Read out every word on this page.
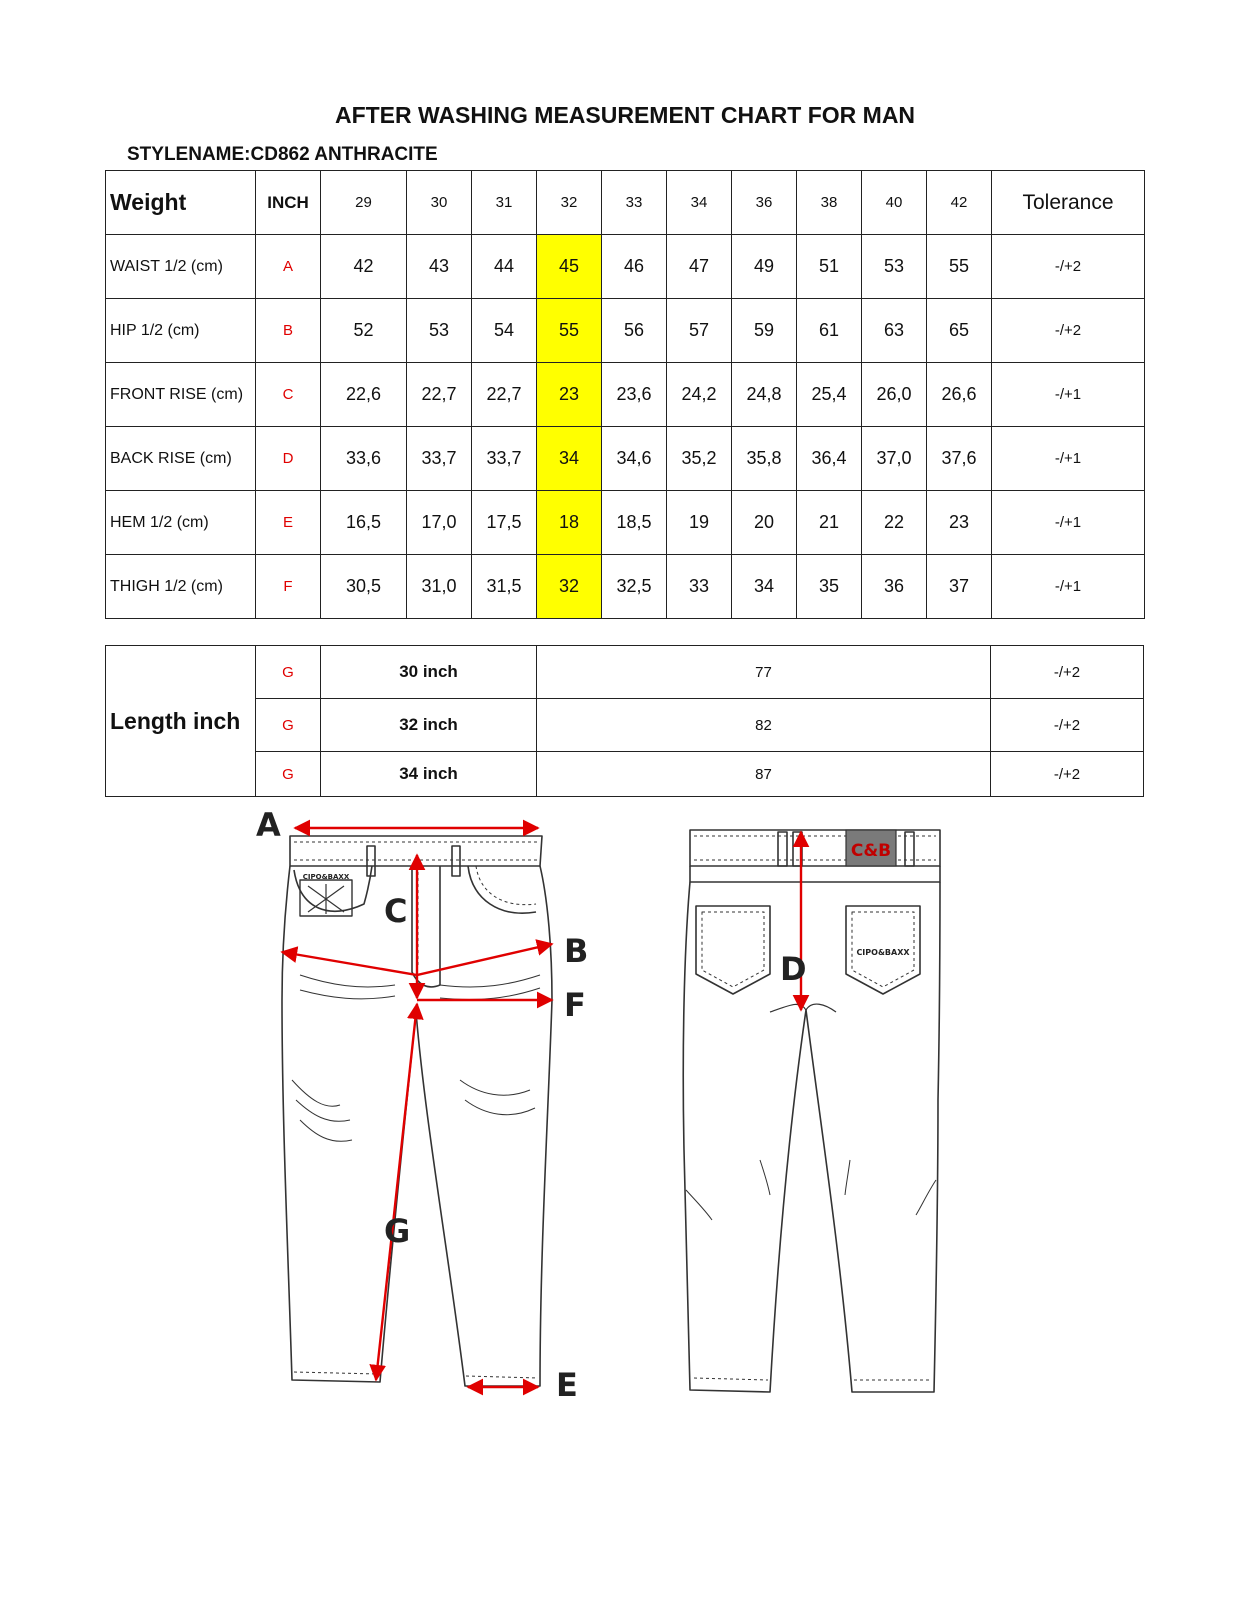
AFTER WASHING MEASUREMENT CHART FOR MAN
STYLENAME:CD862 ANTHRACITE
Weight	INCH	29	30	31	32	33	34	36	38	40	42	Tolerance
WAIST 1/2 (cm)	A	42	43	44	45	46	47	49	51	53	55	-/+2
HIP 1/2 (cm)	B	52	53	54	55	56	57	59	61	63	65	-/+2
FRONT RISE (cm)	C	22,6	22,7	22,7	23	23,6	24,2	24,8	25,4	26,0	26,6	-/+1
BACK RISE (cm)	D	33,6	33,7	33,7	34	34,6	35,2	35,8	36,4	37,0	37,6	-/+1
HEM 1/2 (cm)	E	16,5	17,0	17,5	18	18,5	19	20	21	22	23	-/+1
THIGH 1/2 (cm)	F	30,5	31,0	31,5	32	32,5	33	34	35	36	37	-/+1
Length inch	G	30 inch	77	-/+2
	G	32 inch	82	-/+2
	G	34 inch	87	-/+2
C&B
CIPO&BAXX
CIPO&BAXX
A
C
B
F
G
E
D
